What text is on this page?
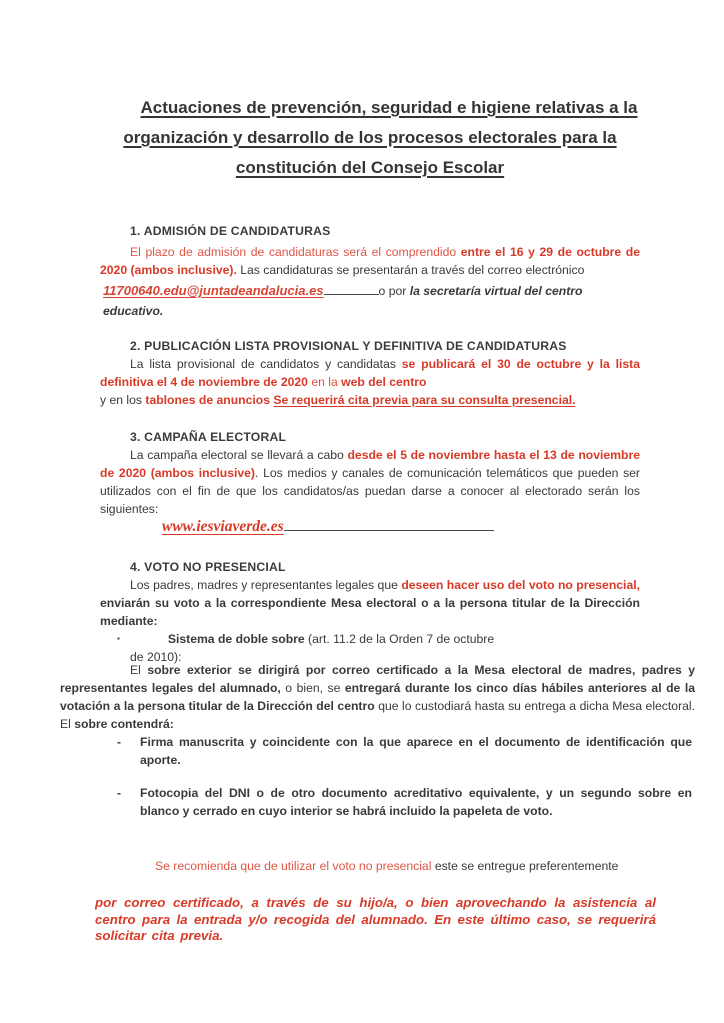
Actuaciones de prevención, seguridad e higiene relativas a la
organización y desarrollo de los procesos electorales para la
constitución del Consejo Escolar
1. ADMISIÓN DE CANDIDATURAS
El plazo de admisión de candidaturas será el comprendido entre el 16 y 29 de octubre de 2020 (ambos inclusive). Las candidaturas se presentarán a través del correo electrónico
11700640.edu@juntadeandalucia.es	o por la secretaría virtual del centro educativo.
2. PUBLICACIÓN LISTA PROVISIONAL Y DEFINITIVA DE CANDIDATURAS
La lista provisional de candidatos y candidatas se publicará el 30 de octubre y la lista definitiva el 4 de noviembre de 2020 en la web del centro
y en los tablones de anuncios Se requerirá cita previa para su consulta presencial.
3. CAMPAÑA ELECTORAL
La campaña electoral se llevará a cabo desde el 5 de noviembre hasta el 13 de noviembre de 2020 (ambos inclusive). Los medios y canales de comunicación telemáticos que pueden ser utilizados con el fin de que los candidatos/as puedan darse a conocer al electorado serán los siguientes:
www.iesviaverde.es
4. VOTO NO PRESENCIAL
Los padres, madres y representantes legales que deseen hacer uso del voto no presencial, enviarán su voto a la correspondiente Mesa electoral o a la persona titular de la Dirección mediante:
▪	Sistema de doble sobre (art. 11.2 de la Orden 7 de octubre
de 2010):
El sobre exterior se dirigirá por correo certificado a la Mesa electoral de madres, padres y representantes legales del alumnado, o bien, se entregará durante los cinco días hábiles anteriores al de la votación a la persona titular de la Dirección del centro que lo custodiará hasta su entrega a dicha Mesa electoral. El sobre contendrá:
-	Firma manuscrita y coincidente con la que aparece en el documento de identificación que aporte.
-	Fotocopia del DNI o de otro documento acreditativo equivalente, y un segundo sobre en blanco y cerrado en cuyo interior se habrá incluido la papeleta de voto.
Se recomienda que de utilizar el voto no presencial este se entregue preferentemente
por correo certificado, a través de su hijo/a, o bien aprovechando la asistencia al centro para la entrada y/o recogida del alumnado. En este último caso, se requerirá solicitar cita previa.
